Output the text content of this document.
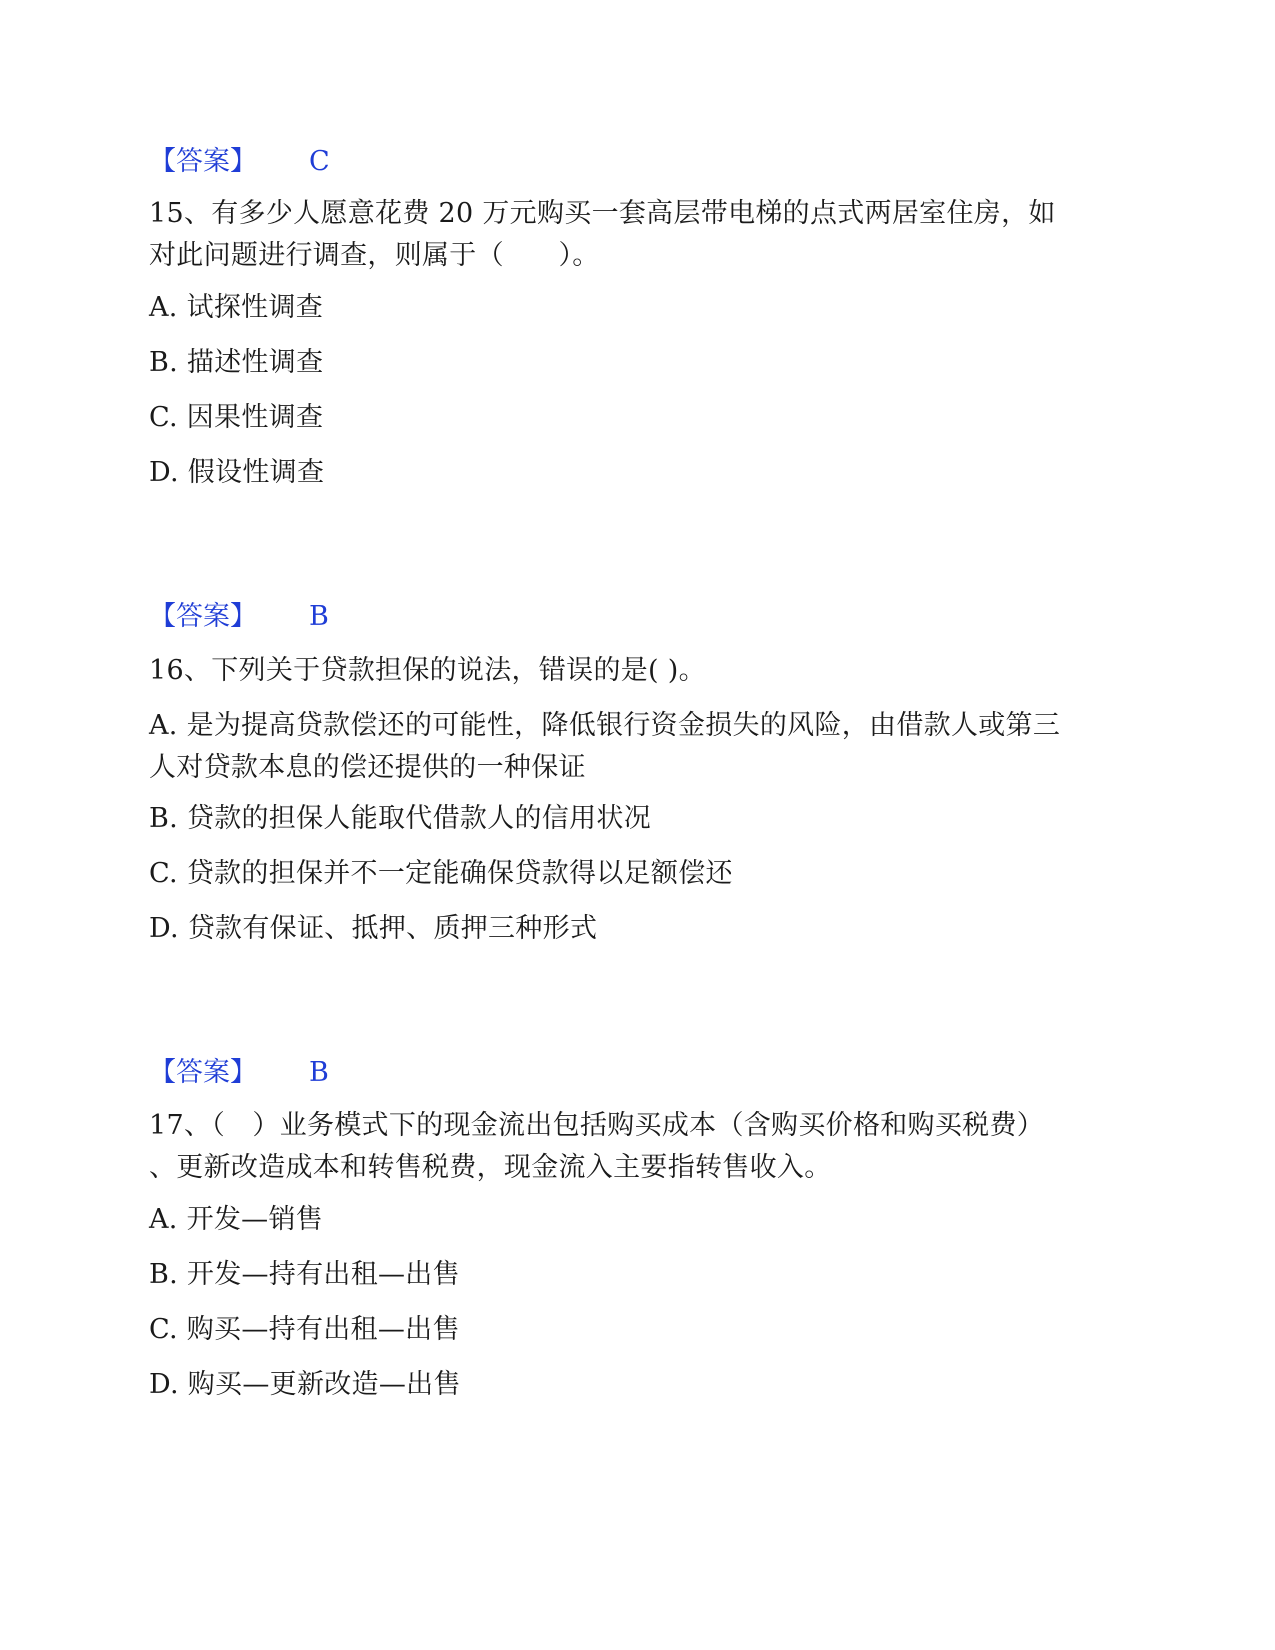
【答案】 C
15、有多少人愿意花费 20 万元购买一套高层带电梯的点式两居室住房，如
对此问题进行调查，则属于（　　）。
A. 试探性调查
B. 描述性调查
C. 因果性调查
D. 假设性调查
【答案】 B
16、下列关于贷款担保的说法，错误的是( )。
A. 是为提高贷款偿还的可能性，降低银行资金损失的风险，由借款人或第三
人对贷款本息的偿还提供的一种保证
B. 贷款的担保人能取代借款人的信用状况
C. 贷款的担保并不一定能确保贷款得以足额偿还
D. 贷款有保证、抵押、质押三种形式
【答案】 B
17、（　）业务模式下的现金流出包括购买成本（含购买价格和购买税费）
、更新改造成本和转售税费，现金流入主要指转售收入。
A. 开发—销售
B. 开发—持有出租—出售
C. 购买—持有出租—出售
D. 购买—更新改造—出售
